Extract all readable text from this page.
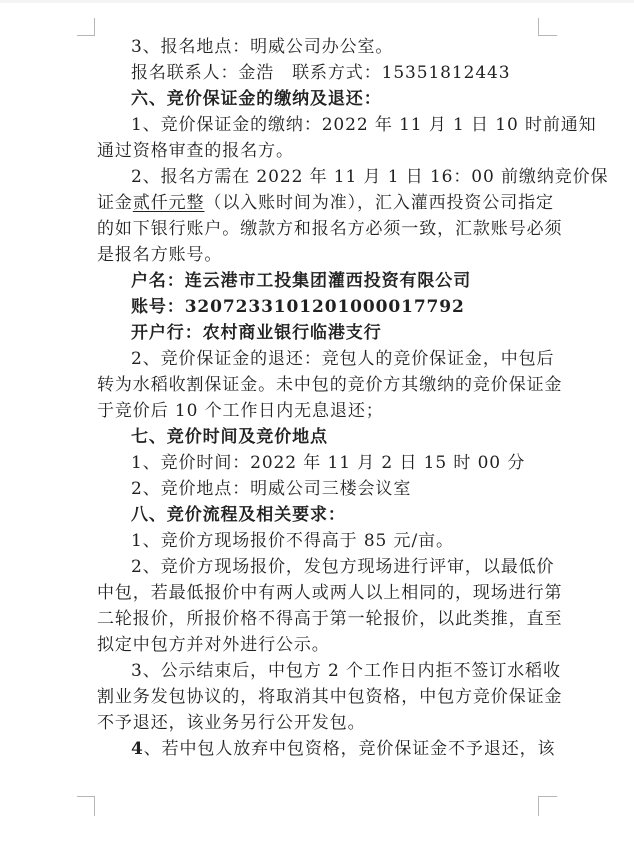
3、报名地点：明威公司办公室。
报名联系人：金浩　联系方式：15351812443
六、竞价保证金的缴纳及退还：
1、竞价保证金的缴纳：2022 年 11 月 1 日 10 时前通知
通过资格审查的报名方。
2、报名方需在 2022 年 11 月 1 日 16：00 前缴纳竞价保
证金贰仟元整（以入账时间为准），汇入灌西投资公司指定
的如下银行账户。缴款方和报名方必须一致，汇款账号必须
是报名方账号。
户名：连云港市工投集团灌西投资有限公司
账号：3207233101201000017792
开户行：农村商业银行临港支行
2、竞价保证金的退还：竞包人的竞价保证金，中包后
转为水稻收割保证金。未中包的竞价方其缴纳的竞价保证金
于竞价后 10 个工作日内无息退还；
七、竞价时间及竞价地点
1、竞价时间：2022 年 11 月 2 日 15 时 00 分
2、竞价地点：明威公司三楼会议室
八、竞价流程及相关要求：
1、竞价方现场报价不得高于 85 元/亩。
2、竞价方现场报价，发包方现场进行评审，以最低价
中包，若最低报价中有两人或两人以上相同的，现场进行第
二轮报价，所报价格不得高于第一轮报价，以此类推，直至
拟定中包方并对外进行公示。
3、公示结束后，中包方 2 个工作日内拒不签订水稻收
割业务发包协议的，将取消其中包资格，中包方竞价保证金
不予退还，该业务另行公开发包。
4、若中包人放弃中包资格，竞价保证金不予退还，该
